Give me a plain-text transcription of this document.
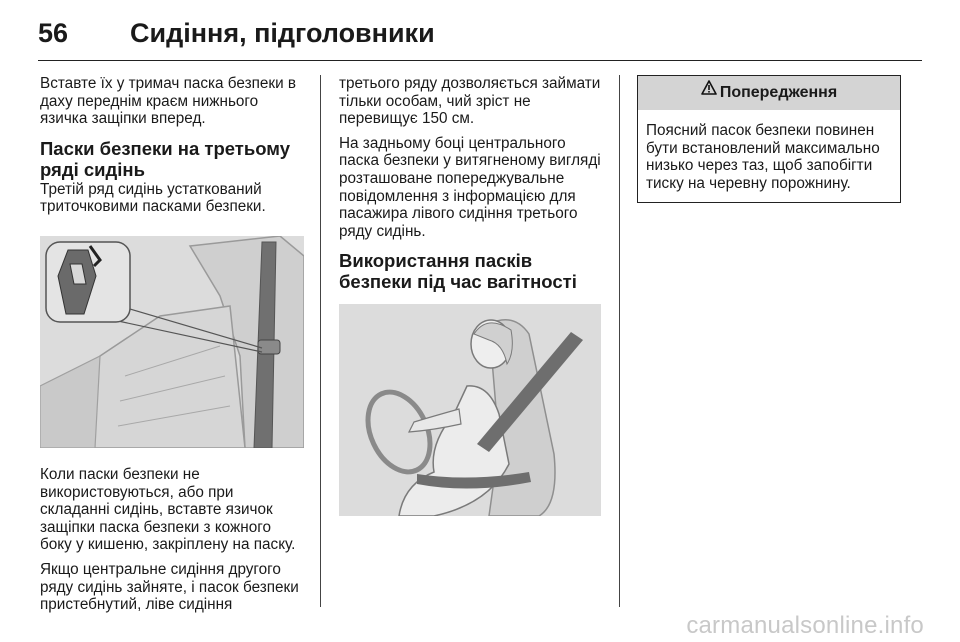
56 Сидіння, підголовники

Вставте їх у тримач паска безпеки в даху переднім краєм нижнього язичка защіпки вперед.

Паски безпеки на третьому ряді сидінь

Третій ряд сидінь устаткований триточковими пасками безпеки.

Коли паски безпеки не використовуються, або при складанні сидінь, вставте язичок защіпки паска безпеки з кожного боку у кишеню, закріплену на паску.

Якщо центральне сидіння другого ряду сидінь зайняте, і пасок безпеки пристебнутий, ліве сидіння

третього ряду дозволяється займати тільки особам, чий зріст не перевищує 150 см.

На задньому боці центрального паска безпеки у витягненому вигляді розташоване попереджувальне повідомлення з інформацією для пасажира лівого сидіння третього ряду сидінь.

Використання пасків безпеки під час вагітності
Попередження

Поясний пасок безпеки повинен бути встановлений максимально низько через таз, щоб запобігти тиску на черевну порожнину.

carmanualsonline.info
